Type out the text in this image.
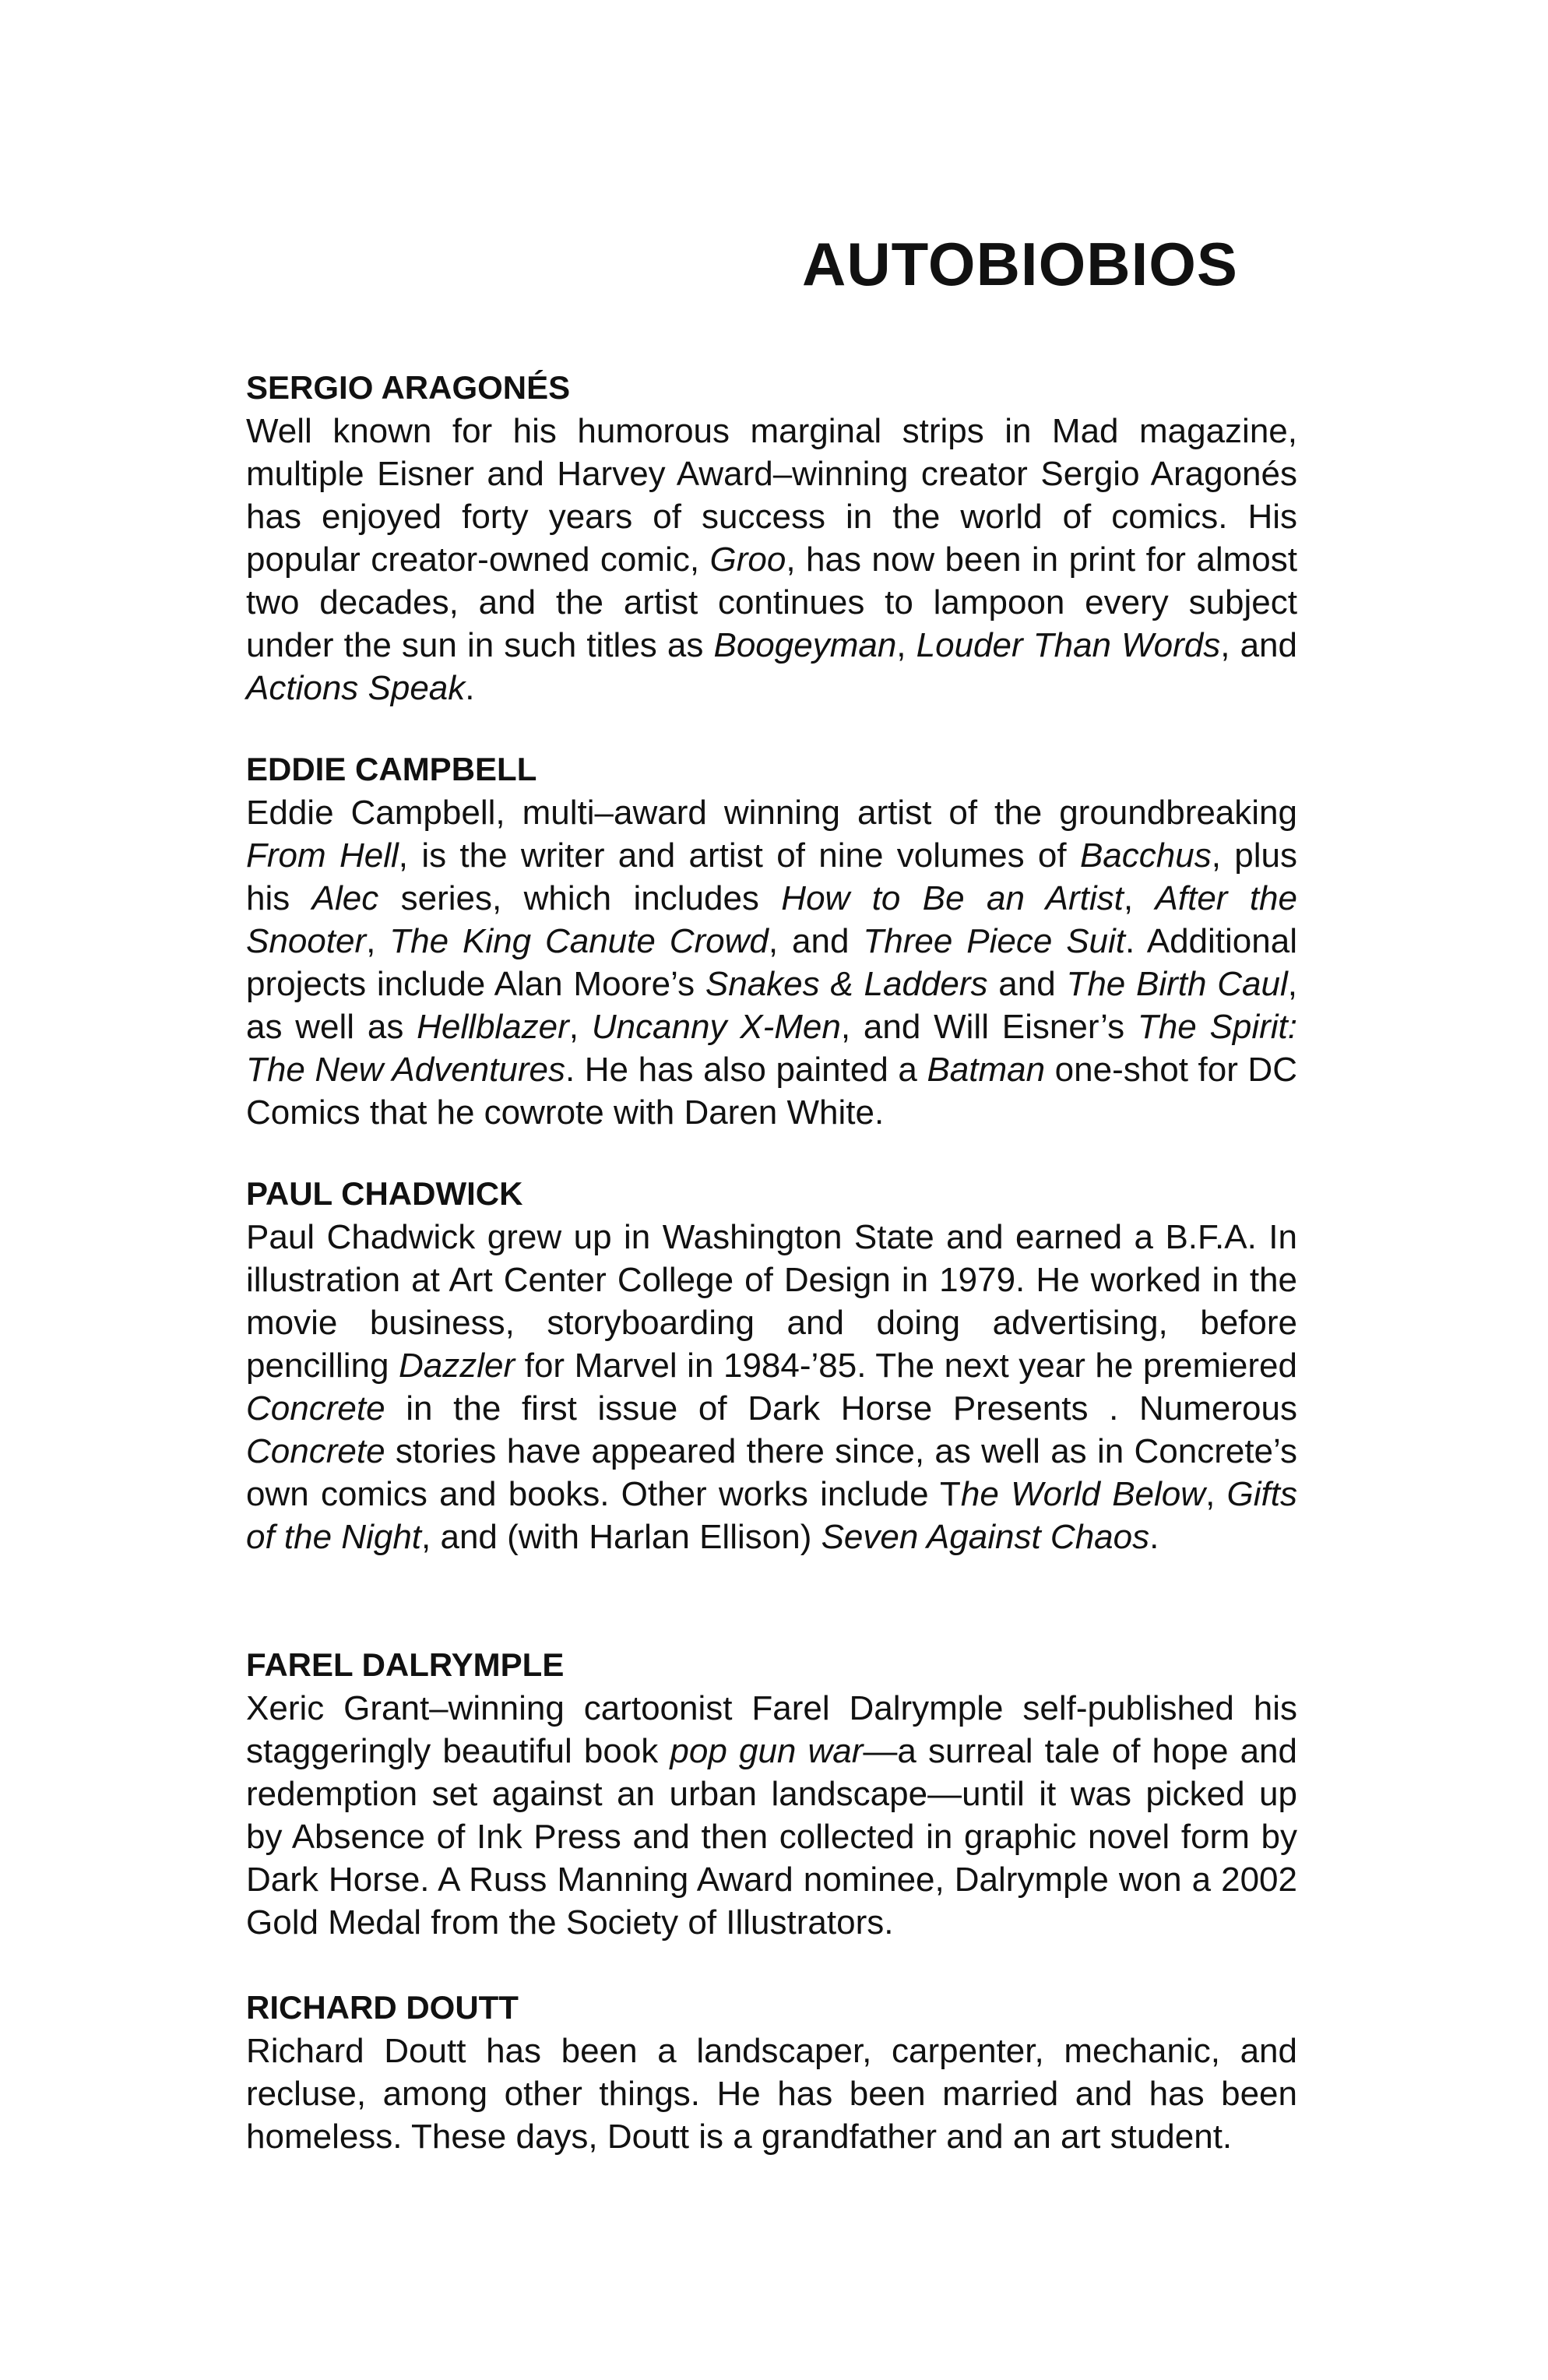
AUTOBIOBIOS

SERGIO ARAGONÉS

Well known for his humorous marginal strips in Mad magazine, multiple Eisner and Harvey Award–winning creator Sergio Aragonés has enjoyed forty years of success in the world of comics. His popular creator-owned comic, Groo, has now been in print for almost two decades, and the artist continues to lampoon every subject under the sun in such titles as Boogeyman, Louder Than Words, and Actions Speak.

EDDIE CAMPBELL

Eddie Campbell, multi–award winning artist of the groundbreaking From Hell, is the writer and artist of nine volumes of Bacchus, plus his Alec series, which includes How to Be an Artist, After the Snooter, The King Canute Crowd, and Three Piece Suit. Additional projects include Alan Moore’s Snakes & Ladders and The Birth Caul, as well as Hellblazer, Uncanny X-Men, and Will Eisner’s The Spirit: The New Adventures. He has also painted a Batman one-shot for DC Comics that he cowrote with Daren White.

PAUL CHADWICK

Paul Chadwick grew up in Washington State and earned a B.F.A. In illustration at Art Center College of Design in 1979. He worked in the movie business, storyboarding and doing advertising, before pencilling Dazzler for Marvel in 1984-’85. The next year he premiered Concrete in the first issue of Dark Horse Presents . Numerous Concrete stories have appeared there since, as well as in Concrete’s own comics and books. Other works include The World Below, Gifts of the Night, and (with Harlan Ellison) Seven Against Chaos.

FAREL DALRYMPLE

Xeric Grant–winning cartoonist Farel Dalrymple self-published his staggeringly beautiful book pop gun war—a surreal tale of hope and redemption set against an urban landscape—until it was picked up by Absence of Ink Press and then collected in graphic novel form by Dark Horse. A Russ Manning Award nominee, Dalrymple won a 2002 Gold Medal from the Society of Illustrators.

RICHARD DOUTT

Richard Doutt has been a landscaper, carpenter, mechanic, and recluse, among other things. He has been married and has been homeless. These days, Doutt is a grandfather and an art student.
